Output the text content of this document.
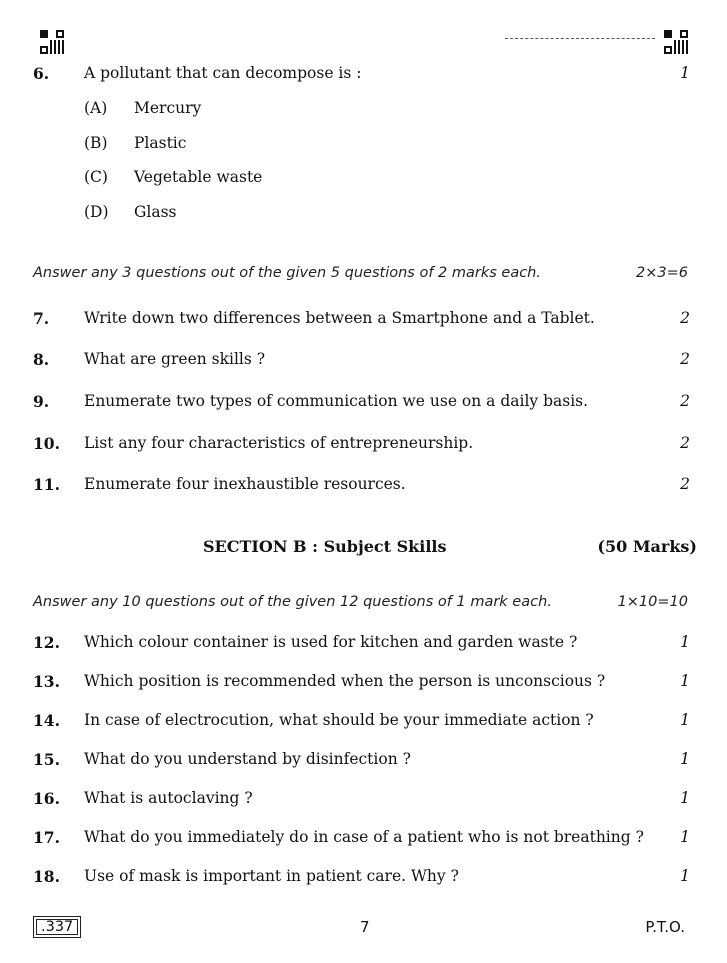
6. A pollutant that can decompose is :	1
(A) Mercury
(B) Plastic
(C) Vegetable waste
(D) Glass
Answer any 3 questions out of the given 5 questions of 2 marks each.	2×3=6
7. Write down two differences between a Smartphone and a Tablet.	2
8. What are green skills ?	2
9. Enumerate two types of communication we use on a daily basis.	2
10. List any four characteristics of entrepreneurship.	2
11. Enumerate four inexhaustible resources.	2
SECTION B : Subject Skills	(50 Marks)
Answer any 10 questions out of the given 12 questions of 1 mark each.	1×10=10
12. Which colour container is used for kitchen and garden waste ?	1
13. Which position is recommended when the person is unconscious ?	1
14. In case of electrocution, what should be your immediate action ?	1
15. What do you understand by disinfection ?	1
16. What is autoclaving ?	1
17. What do you immediately do in case of a patient who is not breathing ? 1
18. Use of mask is important in patient care. Why ?	1
.337	7	P.T.O.
